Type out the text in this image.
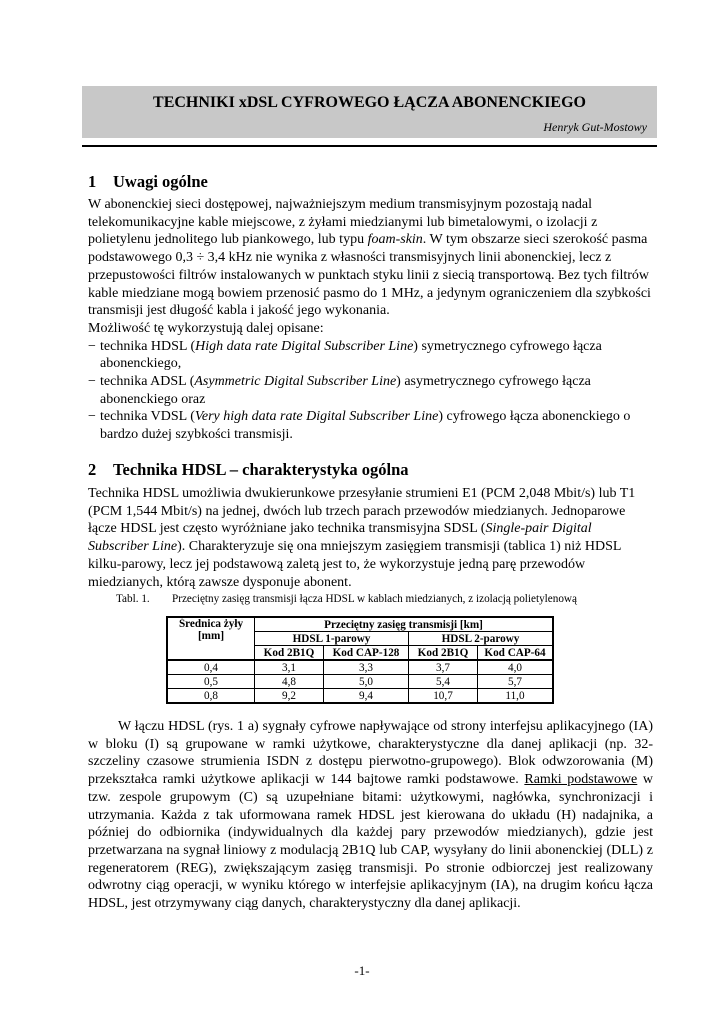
TECHNIKI xDSL CYFROWEGO ŁĄCZA ABONENCKIEGO
Henryk Gut-Mostowy
1 Uwagi ogólne

W abonenckiej sieci dostępowej, najważniejszym medium transmisyjnym pozostają nadal telekomunikacyjne kable miejscowe, z żyłami miedzianymi lub bimetalowymi, o izolacji z polietylenu jednolitego lub piankowego, lub typu foam-skin. W tym obszarze sieci szerokość pasma podstawowego 0,3 ÷ 3,4 kHz nie wynika z własności transmisyjnych linii abonenckiej, lecz z przepustowości filtrów instalowanych w punktach styku linii z siecią transportową. Bez tych filtrów kable miedziane mogą bowiem przenosić pasmo do 1 MHz, a jedynym ograniczeniem dla szybkości transmisji jest długość kabla i jakość jego wykonania.

Możliwość tę wykorzystują dalej opisane:

− technika HDSL (High data rate Digital Subscriber Line) symetrycznego cyfrowego łącza abonenckiego,
− technika ADSL (Asymmetric Digital Subscriber Line) asymetrycznego cyfrowego łącza abonenckiego oraz
− technika VDSL (Very high data rate Digital Subscriber Line) cyfrowego łącza abonenckiego o bardzo dużej szybkości transmisji.
2 Technika HDSL – charakterystyka ogólna

Technika HDSL umożliwia dwukierunkowe przesyłanie strumieni E1 (PCM 2,048 Mbit/s) lub T1 (PCM 1,544 Mbit/s) na jednej, dwóch lub trzech parach przewodów miedzianych. Jednoparowe łącze HDSL jest często wyróżniane jako technika transmisyjna SDSL (Single-pair Digital Subscriber Line). Charakteryzuje się ona mniejszym zasięgiem transmisji (tablica 1) niż HDSL kilku-parowy, lecz jej podstawową zaletą jest to, że wykorzystuje jedną parę przewodów miedzianych, którą zawsze dysponuje abonent.

Tabl. 1. Przeciętny zasięg transmisji łącza HDSL w kablach miedzianych, z izolacją polietylenową
Średnica żyły [mm]	Przeciętny zasięg transmisji [km]			
	HDSL 1-parowy		HDSL 2-parowy	
	Kod 2B1Q	Kod CAP-128	Kod 2B1Q	Kod CAP-64
0,4	3,1	3,3	3,7	4,0
0,5	4,8	5,0	5,4	5,7
0,8	9,2	9,4	10,7	11,0

W łączu HDSL (rys. 1 a) sygnały cyfrowe napływające od strony interfejsu aplikacyjnego (IA) w bloku (I) są grupowane w ramki użytkowe, charakterystyczne dla danej aplikacji (np. 32- szczeliny czasowe strumienia ISDN z dostępu pierwotno-grupowego). Blok odwzorowania (M) przekształca ramki użytkowe aplikacji w 144 bajtowe ramki podstawowe. Ramki podstawowe w tzw. zespole grupowym (C) są uzupełniane bitami: użytkowymi, nagłówka, synchronizacji i utrzymania. Każda z tak uformowana ramek HDSL jest kierowana do układu (H) nadajnika, a później do odbiornika (indywidualnych dla każdej pary przewodów miedzianych), gdzie jest przetwarzana na sygnał liniowy z modulacją 2B1Q lub CAP, wysyłany do linii abonenckiej (DLL) z regeneratorem (REG), zwiększającym zasięg transmisji. Po stronie odbiorczej jest realizowany odwrotny ciąg operacji, w wyniku którego w interfejsie aplikacyjnym (IA), na drugim końcu łącza HDSL, jest otrzymywany ciąg danych, charakterystyczny dla danej aplikacji.

-1-
